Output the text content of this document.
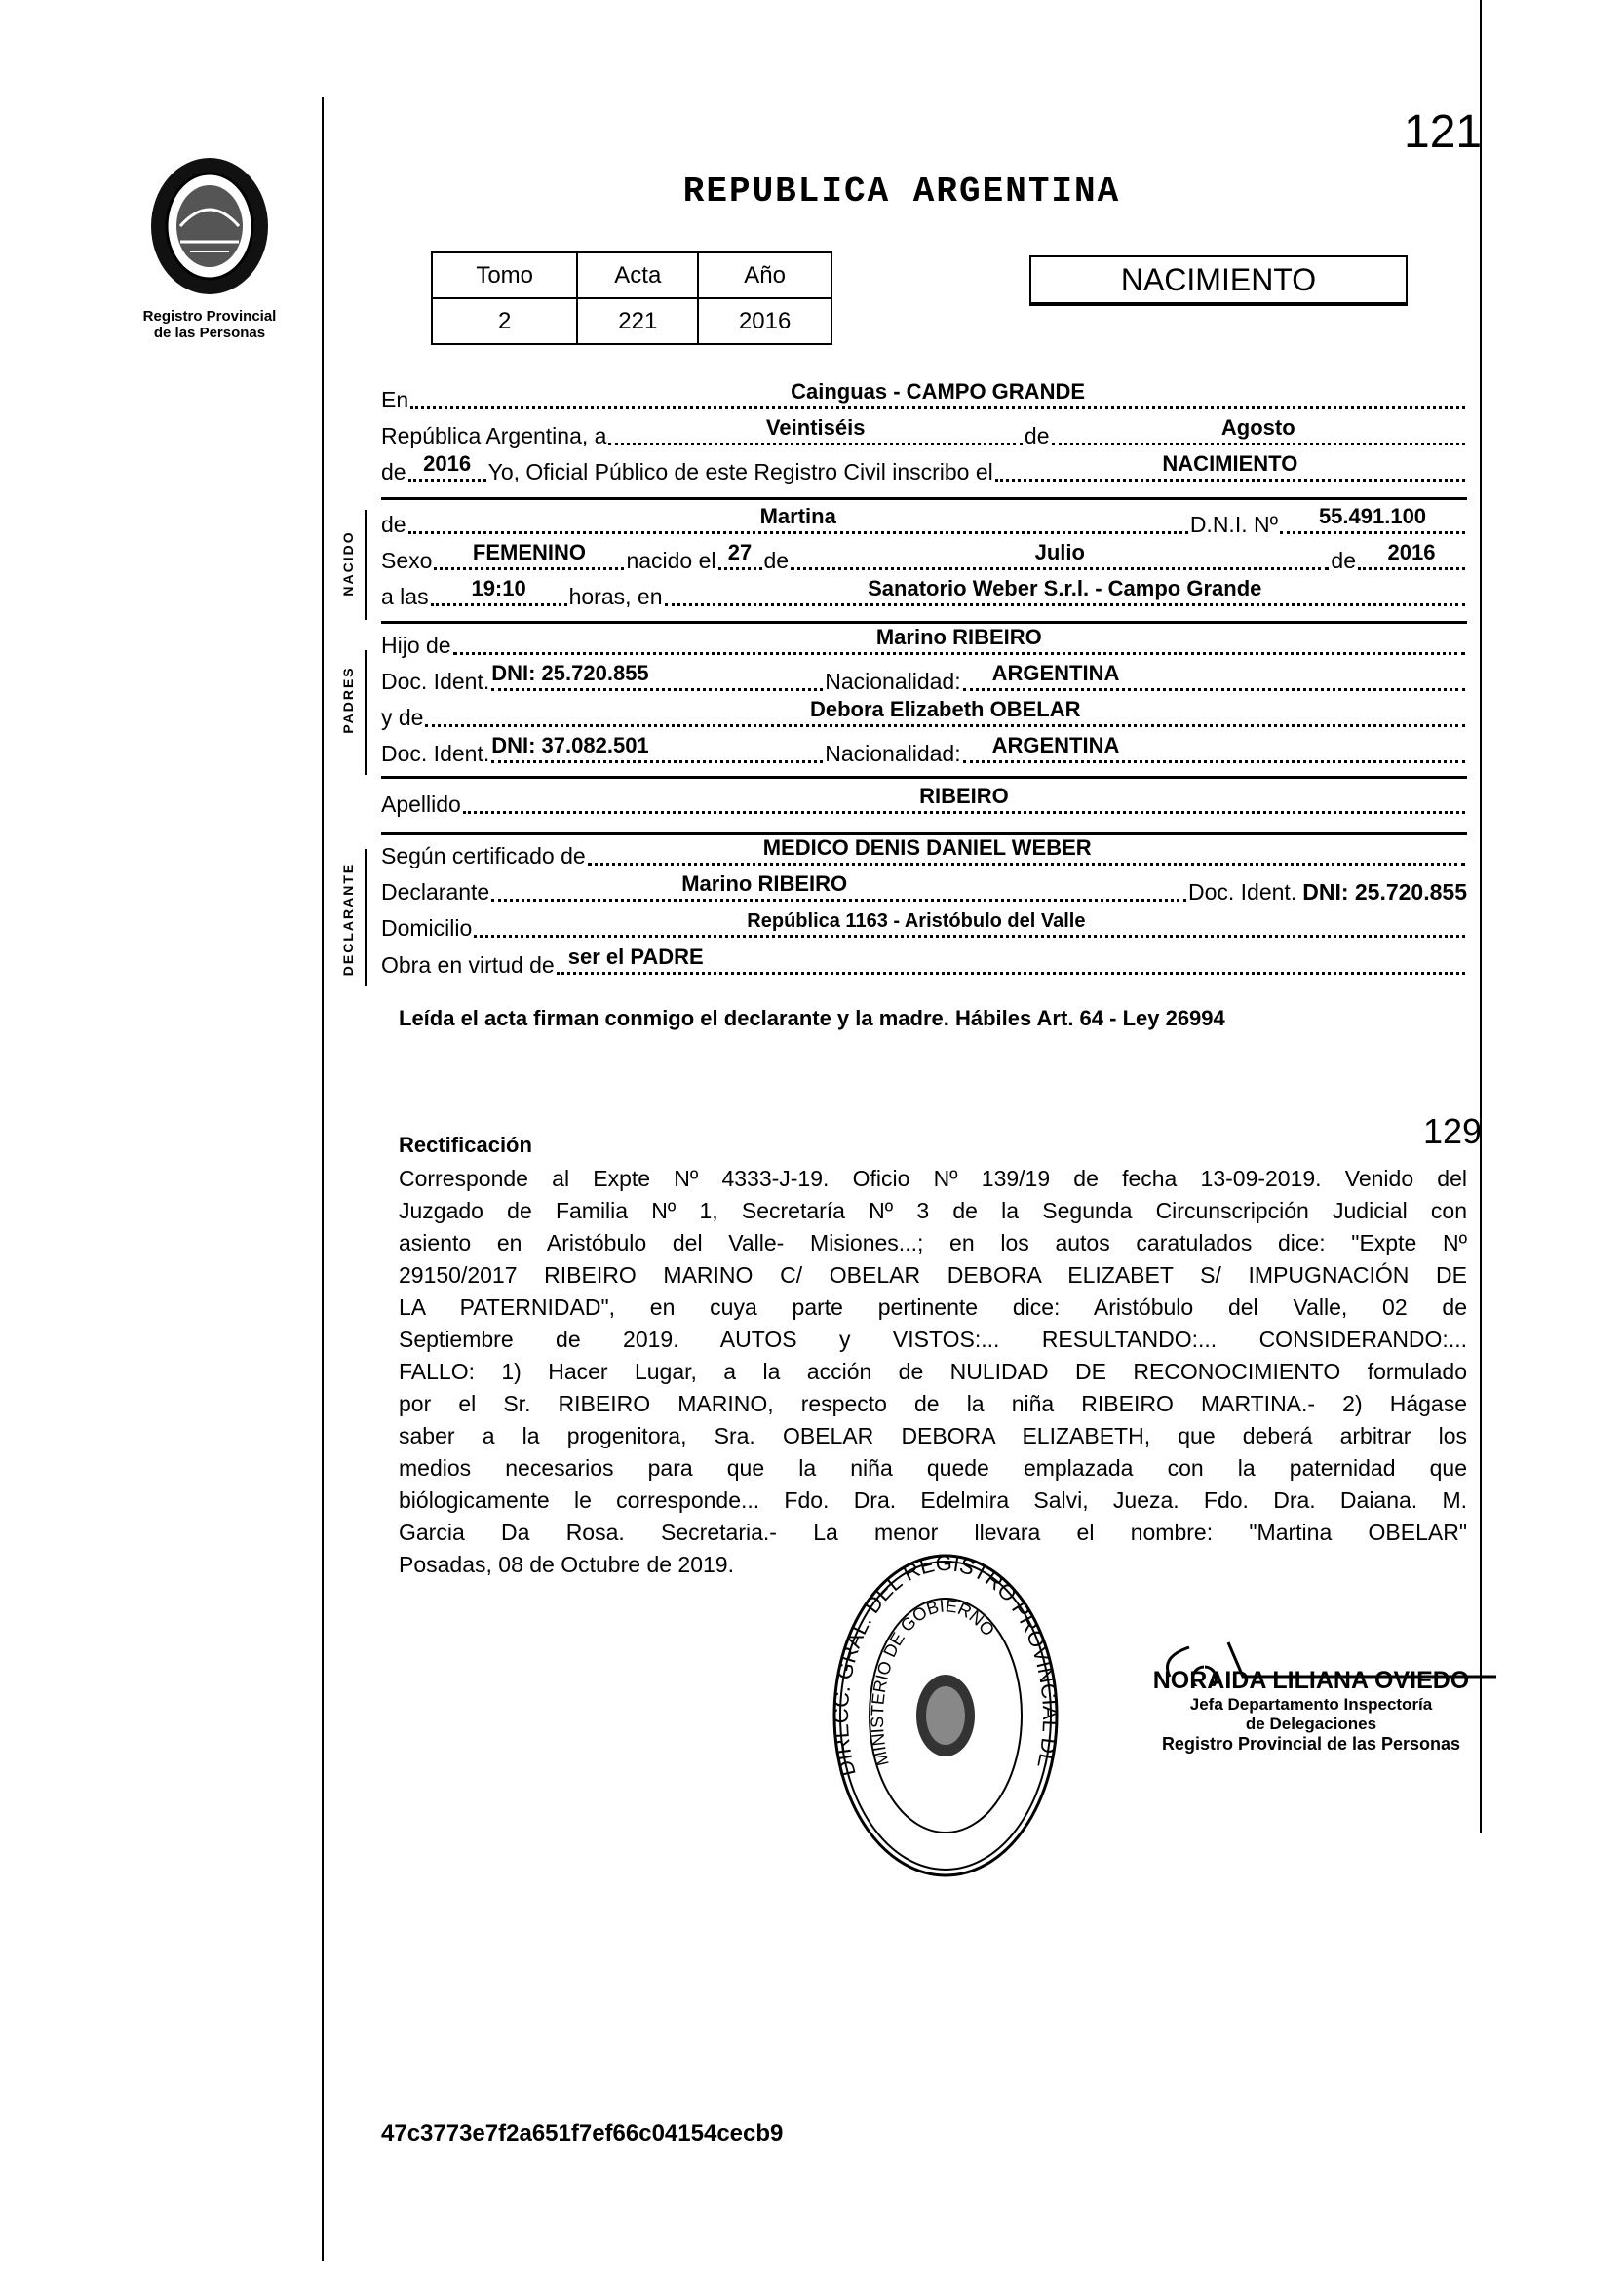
Registro Provincial
de las Personas
121
REPUBLICA ARGENTINA
Tomo	Acta	Año
2	221	2016
NACIMIENTO
En	Cainguas - CAMPO GRANDE
República Argentina, a	Veintiséis	de	Agosto
de 2016 Yo, Oficial Público de este Registro Civil inscribo el	NACIMIENTO
NACIDO
de	Martina	D.N.I. Nº	55.491.100
Sexo	FEMENINO	nacido el 27 de	Julio	de	2016
a las	19:10	horas, en	Sanatorio Weber S.r.l. - Campo Grande
PADRES
Hijo de	Marino RIBEIRO
Doc. Ident. DNI: 25.720.855	Nacionalidad: ARGENTINA
y de	Debora Elizabeth OBELAR
Doc. Ident. DNI: 37.082.501	Nacionalidad: ARGENTINA
Apellido	RIBEIRO
DECLARANTE
Según certificado de	MEDICO DENIS DANIEL WEBER
Declarante	Marino RIBEIRO	Doc. Ident. DNI: 25.720.855
Domicilio	República 1163 - Aristóbulo del Valle
Obra en virtud de ser el PADRE
Leída el acta firman conmigo el declarante y la madre. Hábiles Art. 64 - Ley 26994
129
Rectificación
Corresponde al Expte Nº 4333-J-19. Oficio Nº 139/19 de fecha 13-09-2019. Venido del
Juzgado de Familia Nº 1, Secretaría Nº 3 de la Segunda Circunscripción Judicial con
asiento en Aristóbulo del Valle- Misiones...; en los autos caratulados dice: "Expte Nº
29150/2017 RIBEIRO MARINO C/ OBELAR DEBORA ELIZABET S/ IMPUGNACIÓN DE
LA PATERNIDAD", en cuya parte pertinente dice: Aristóbulo del Valle, 02 de
Septiembre de 2019. AUTOS y VISTOS:... RESULTANDO:... CONSIDERANDO:...
FALLO: 1) Hacer Lugar, a la acción de NULIDAD DE RECONOCIMIENTO formulado
por el Sr. RIBEIRO MARINO, respecto de la niña RIBEIRO MARTINA.- 2) Hágase
saber a la progenitora, Sra. OBELAR DEBORA ELIZABETH, que deberá arbitrar los
medios necesarios para que la niña quede emplazada con la paternidad que
biólogicamente le corresponde... Fdo. Dra. Edelmira Salvi, Jueza. Fdo. Dra. Daiana. M.
Garcia Da Rosa. Secretaria.- La menor llevara el nombre: "Martina OBELAR"
Posadas, 08 de Octubre de 2019.
DIRECC. GRAL. DEL REGISTRO PROVINCIAL DE
MINISTERIO DE GOBIERNO
NORAIDA LILIANA OVIEDO
Jefa Departamento Inspectoría
de Delegaciones
Registro Provincial de las Personas
47c3773e7f2a651f7ef66c04154cecb9
